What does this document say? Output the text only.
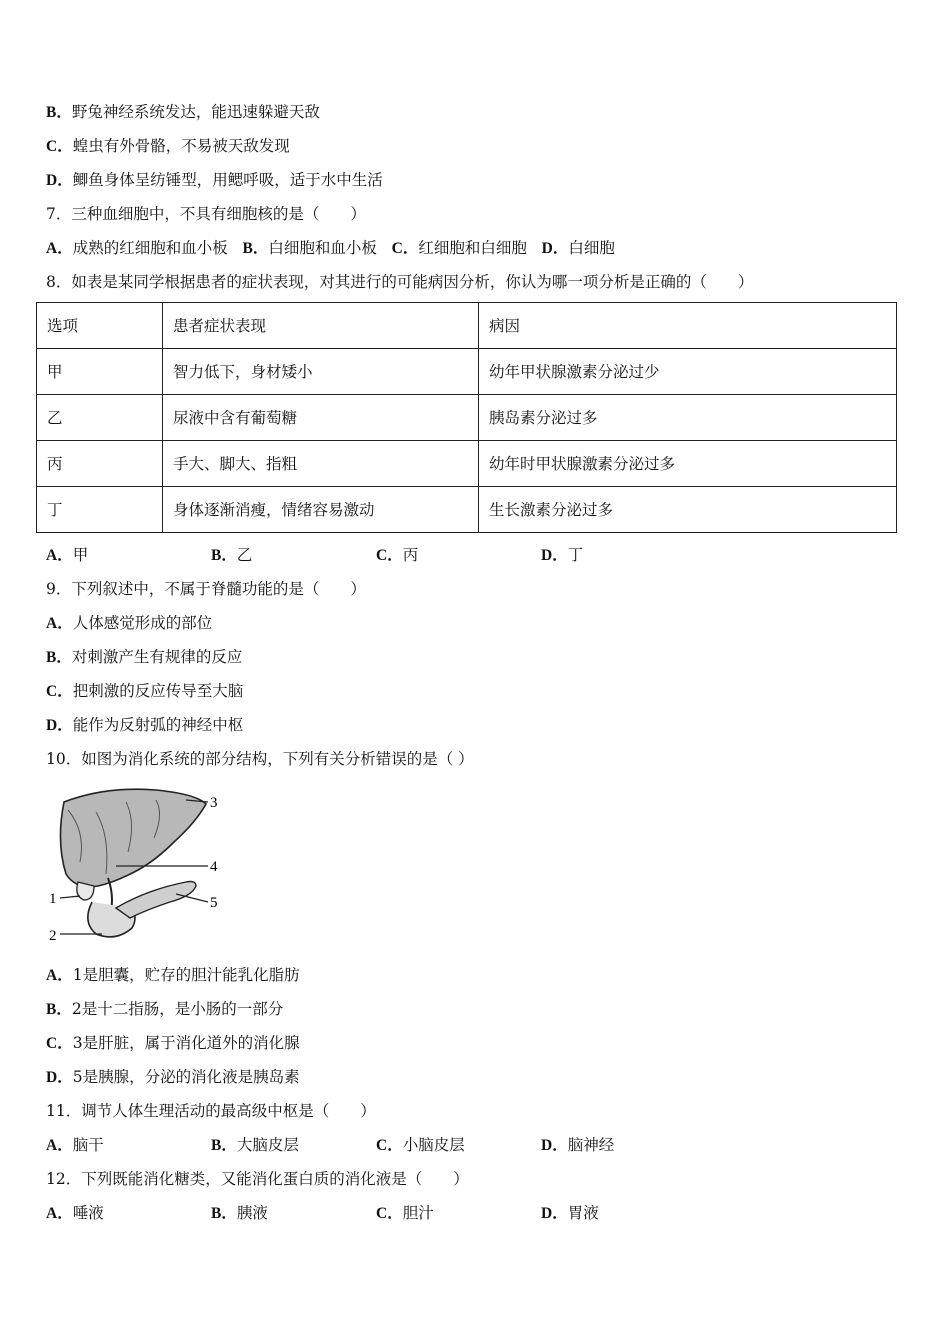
B．野兔神经系统发达，能迅速躲避天敌
C．蝗虫有外骨骼，不易被天敌发现
D．鲫鱼身体呈纺锤型，用鳃呼吸，适于水中生活
7．三种血细胞中，不具有细胞核的是（　　）
A．成熟的红细胞和血小板 B．白细胞和血小板 C．红细胞和白细胞 D．白细胞
8．如表是某同学根据患者的症状表现，对其进行的可能病因分析，你认为哪一项分析是正确的（　　）
选项	患者症状表现	病因
甲	智力低下，身材矮小	幼年甲状腺激素分泌过少
乙	尿液中含有葡萄糖	胰岛素分泌过多
丙	手大、脚大、指粗	幼年时甲状腺激素分泌过多
丁	身体逐渐消瘦，情绪容易激动	生长激素分泌过多
A．甲	B．乙	C．丙	D．丁
9．下列叙述中，不属于脊髓功能的是（　　）
A．人体感觉形成的部位
B．对刺激产生有规律的反应
C．把刺激的反应传导至大脑
D．能作为反射弧的神经中枢
10．如图为消化系统的部分结构，下列有关分析错误的是（ ）
3
4
5
1
2
A．1是胆囊，贮存的胆汁能乳化脂肪
B．2是十二指肠，是小肠的一部分
C．3是肝脏，属于消化道外的消化腺
D．5是胰腺，分泌的消化液是胰岛素
11．调节人体生理活动的最高级中枢是（　　）
A．脑干	B．大脑皮层	C．小脑皮层	D．脑神经
12．下列既能消化糖类，又能消化蛋白质的消化液是（　　）
A．唾液	B．胰液	C．胆汁	D．胃液
